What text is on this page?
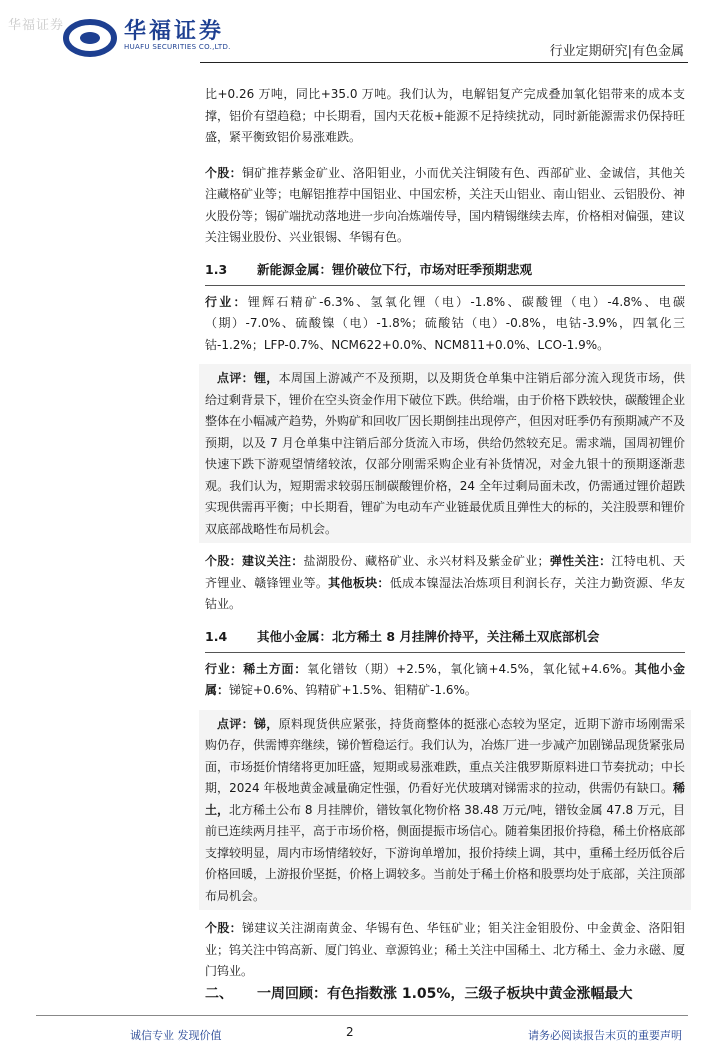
华福证券	华福证券
HUAFU SECURITIES CO.,LTD.	行业定期研究|有色金属

比+0.26 万吨，同比+35.0 万吨。我们认为，电解铝复产完成叠加氧化铝带来的成本支撑，铝价有望趋稳；中长期看，国内天花板+能源不足持续扰动，同时新能源需求仍保持旺盛，紧平衡致铝价易涨难跌。

个股：铜矿推荐紫金矿业、洛阳钼业，小而优关注铜陵有色、西部矿业、金诚信，其他关注藏格矿业等；电解铝推荐中国铝业、中国宏桥，关注天山铝业、南山铝业、云铝股份、神火股份等；锡矿端扰动落地进一步向冶炼端传导，国内精锡继续去库，价格相对偏强，建议关注锡业股份、兴业银锡、华锡有色。

1.3	新能源金属：锂价破位下行，市场对旺季预期悲观

行业：锂辉石精矿-6.3%、氢氧化锂（电）-1.8%、碳酸锂（电）-4.8%、电碳（期）-7.0%、硫酸镍（电）-1.8%；硫酸钴（电）-0.8%，电钴-3.9%，四氧化三钴-1.2%；LFP-0.7%、NCM622+0.0%、NCM811+0.0%、LCO-1.9%。

点评：锂，本周国上游减产不及预期，以及期货仓单集中注销后部分流入现货市场，供给过剩背景下，锂价在空头资金作用下破位下跌。供给端，由于价格下跌较快，碳酸锂企业整体在小幅减产趋势，外购矿和回收厂因长期倒挂出现停产，但因对旺季仍有预期减产不及预期，以及 7 月仓单集中注销后部分货流入市场，供给仍然较充足。需求端，国周初锂价快速下跌下游观望情绪较浓，仅部分刚需采购企业有补货情况，对金九银十的预期逐渐悲观。我们认为，短期需求较弱压制碳酸锂价格，24 全年过剩局面未改，仍需通过锂价超跌实现供需再平衡；中长期看，锂矿为电动车产业链最优质且弹性大的标的，关注股票和锂价双底部战略性布局机会。

个股：建议关注：盐湖股份、藏格矿业、永兴材料及紫金矿业；弹性关注：江特电机、天齐锂业、赣锋锂业等。其他板块：低成本镍湿法冶炼项目利润长存，关注力勤资源、华友钴业。

1.4	其他小金属：北方稀土 8 月挂牌价持平，关注稀土双底部机会

行业：稀土方面：氧化镨钕（期）+2.5%，氧化镝+4.5%，氧化铽+4.6%。其他小金属：锑锭+0.6%、钨精矿+1.5%、钼精矿-1.6%。

点评：锑，原料现货供应紧张，持货商整体的挺涨心态较为坚定，近期下游市场刚需采购仍存，供需博弈继续，锑价暂稳运行。我们认为，冶炼厂进一步减产加剧锑品现货紧张局面，市场挺价情绪将更加旺盛，短期或易涨难跌，重点关注俄罗斯原料进口节奏扰动；中长期，2024 年极地黄金减量确定性强，仍看好光伏玻璃对锑需求的拉动，供需仍有缺口。稀土，北方稀土公布 8 月挂牌价，镨钕氧化物价格 38.48 万元/吨，镨钕金属 47.8 万元，目前已连续两月挂平，高于市场价格，侧面提振市场信心。随着集团报价持稳，稀土价格底部支撑较明显，周内市场情绪较好，下游询单增加，报价持续上调，其中，重稀土经历低谷后价格回暖，上游报价坚挺，价格上调较多。当前处于稀土价格和股票均处于底部，关注顶部布局机会。

个股：锑建议关注湖南黄金、华锡有色、华钰矿业；钼关注金钼股份、中金黄金、洛阳钼业；钨关注中钨高新、厦门钨业、章源钨业；稀土关注中国稀土、北方稀土、金力永磁、厦门钨业。

二、	一周回顾：有色指数涨 1.05%，三级子板块中黄金涨幅最大
诚信专业 发现价值	2	请务必阅读报告末页的重要声明
